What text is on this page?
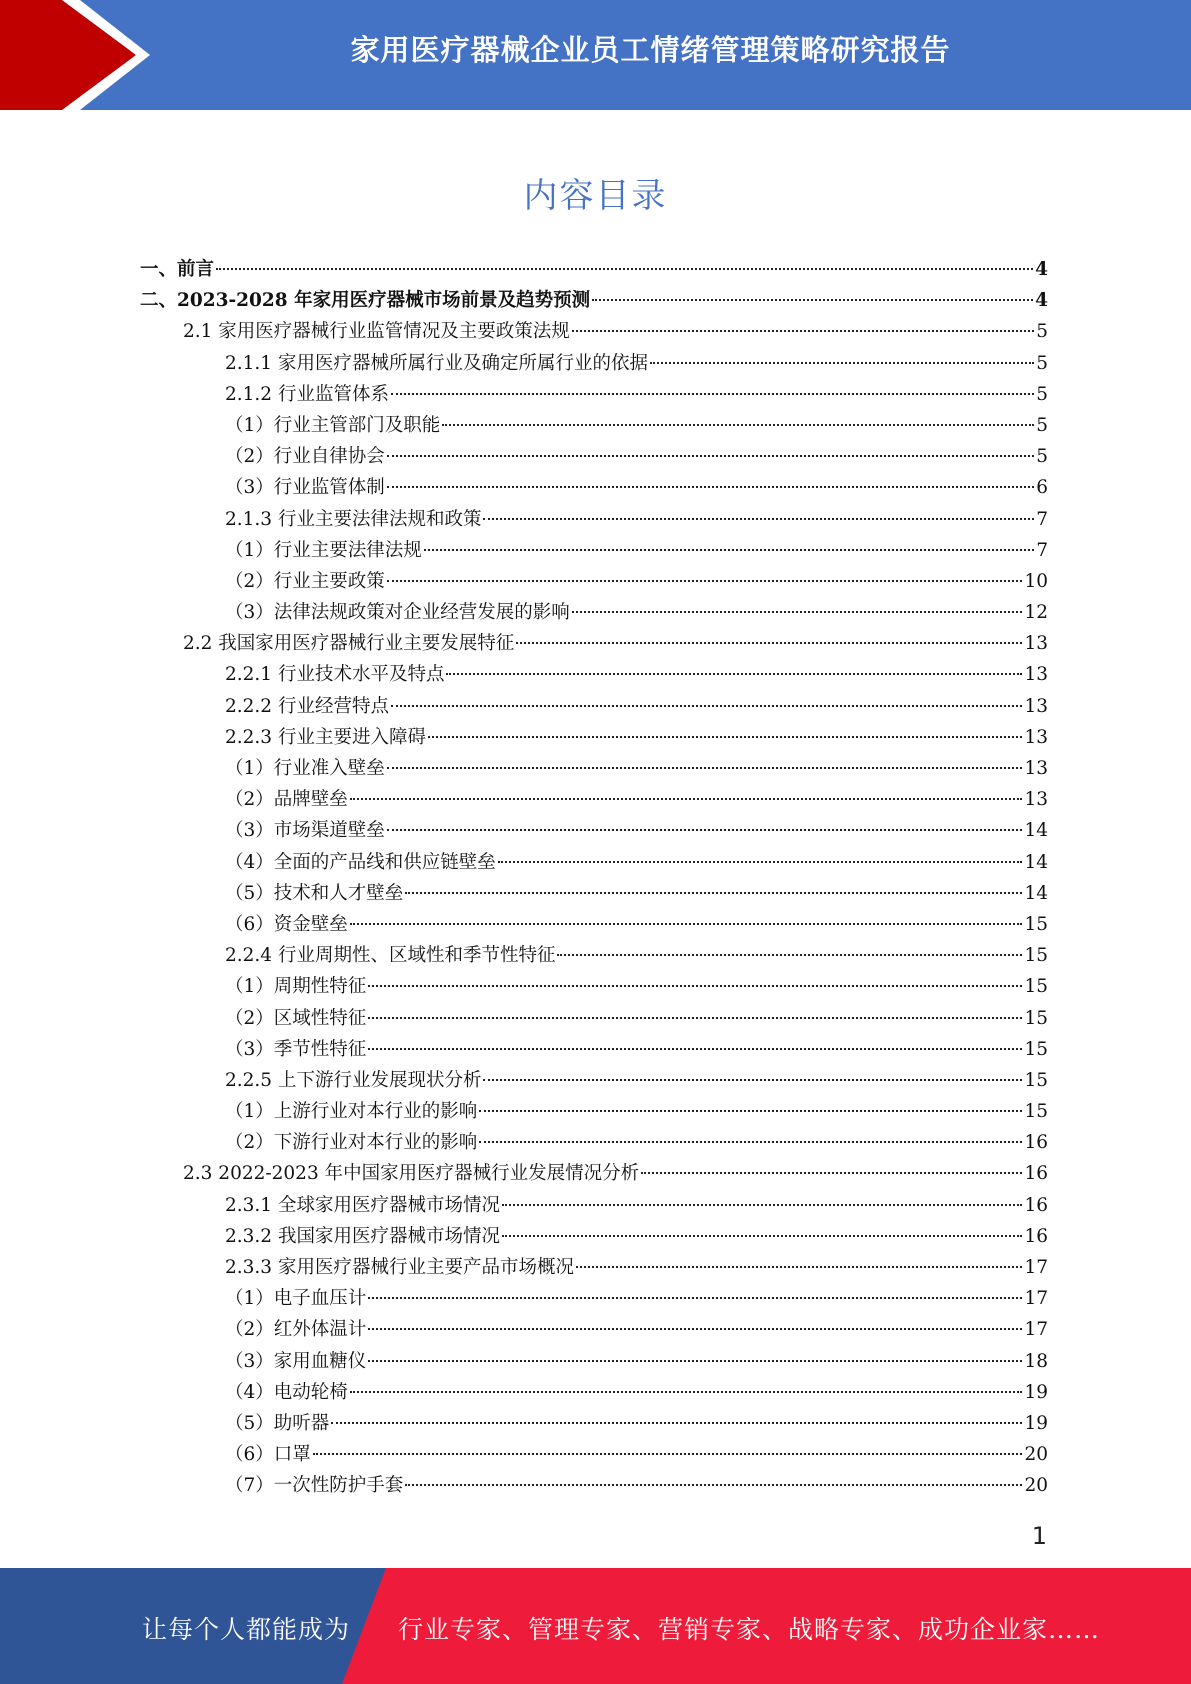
家用医疗器械企业员工情绪管理策略研究报告
内容目录
一、前言	4
二、2023-2028 年家用医疗器械市场前景及趋势预测	4
2.1 家用医疗器械行业监管情况及主要政策法规	5
2.1.1 家用医疗器械所属行业及确定所属行业的依据	5
2.1.2 行业监管体系	5
（1）行业主管部门及职能	5
（2）行业自律协会	5
（3）行业监管体制	6
2.1.3 行业主要法律法规和政策	7
（1）行业主要法律法规	7
（2）行业主要政策	10
（3）法律法规政策对企业经营发展的影响	12
2.2 我国家用医疗器械行业主要发展特征	13
2.2.1 行业技术水平及特点	13
2.2.2 行业经营特点	13
2.2.3 行业主要进入障碍	13
（1）行业准入壁垒	13
（2）品牌壁垒	13
（3）市场渠道壁垒	14
（4）全面的产品线和供应链壁垒	14
（5）技术和人才壁垒	14
（6）资金壁垒	15
2.2.4 行业周期性、区域性和季节性特征	15
（1）周期性特征	15
（2）区域性特征	15
（3）季节性特征	15
2.2.5 上下游行业发展现状分析	15
（1）上游行业对本行业的影响	15
（2）下游行业对本行业的影响	16
2.3 2022-2023 年中国家用医疗器械行业发展情况分析	16
2.3.1 全球家用医疗器械市场情况	16
2.3.2 我国家用医疗器械市场情况	16
2.3.3 家用医疗器械行业主要产品市场概况	17
（1）电子血压计	17
（2）红外体温计	17
（3）家用血糖仪	18
（4）电动轮椅	19
（5）助听器	19
（6）口罩	20
（7）一次性防护手套	20
1
让每个人都能成为 行业专家、管理专家、营销专家、战略专家、成功企业家……
